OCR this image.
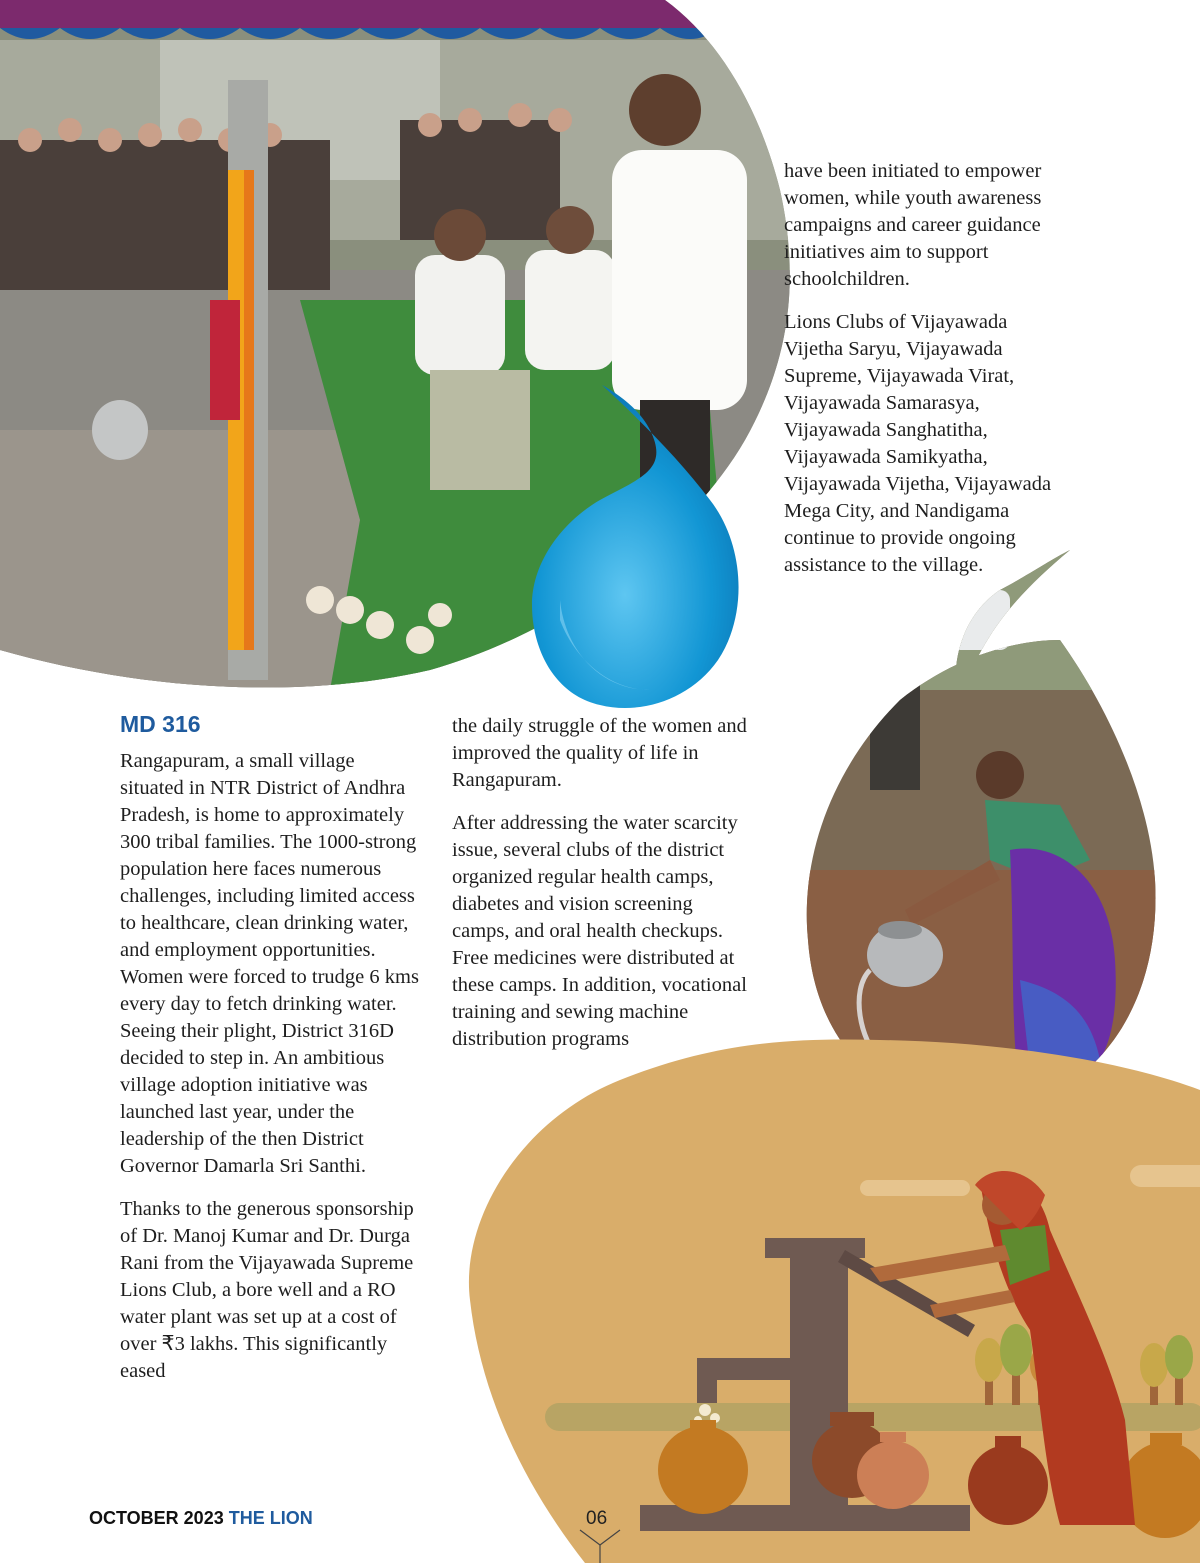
MD 316

Rangapuram, a small village situated in NTR District of Andhra Pradesh, is home to approximately 300 tribal families. The 1000-strong population here faces numerous challenges, including limited access to healthcare, clean drinking water, and employment opportunities. Women were forced to trudge 6 kms every day to fetch drinking water. Seeing their plight, District 316D decided to step in. An ambitious village adoption initiative was launched last year, under the leadership of the then District Governor Damarla Sri Santhi.

Thanks to the generous sponsorship of Dr. Manoj Kumar and Dr. Durga Rani from the Vijayawada Supreme Lions Club, a bore well and a RO water plant was set up at a cost of over ₹3 lakhs. This significantly eased

the daily struggle of the women and improved the quality of life in Rangapuram.

After addressing the water scarcity issue, several clubs of the district organized regular health camps, diabetes and vision screening camps, and oral health checkups. Free medicines were distributed at these camps. In addition, vocational training and sewing machine distribution programs

have been initiated to empower women, while youth awareness campaigns and career guidance initiatives aim to support schoolchildren.

Lions Clubs of Vijayawada Vijetha Saryu, Vijayawada Supreme, Vijayawada Virat, Vijayawada Samarasya, Vijayawada Sanghatitha, Vijayawada Samikyatha, Vijayawada Vijetha, Vijayawada Mega City, and Nandigama continue to provide ongoing assistance to the village.

OCTOBER 2023 THE LION	06
